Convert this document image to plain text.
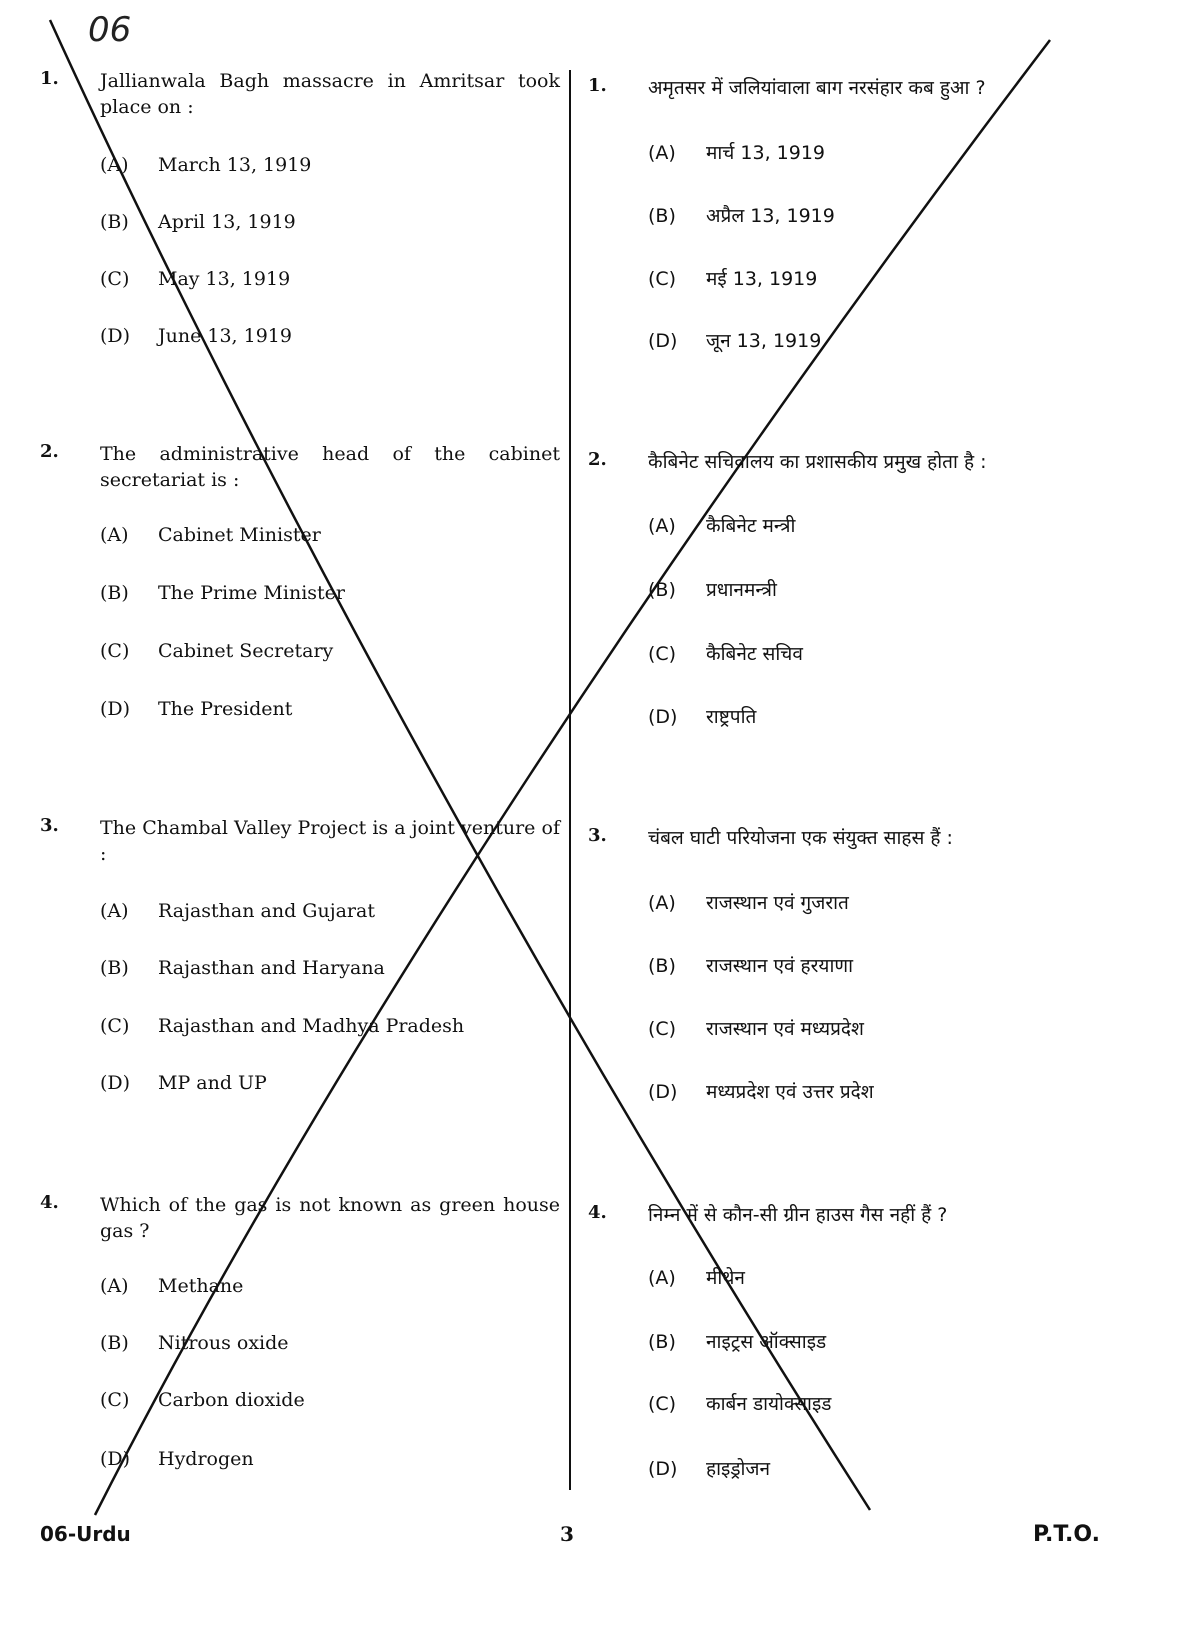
06
1. Jallianwala Bagh massacre in Amritsar took place on :
(A) March 13, 1919
(B) April 13, 1919
(C) May 13, 1919
(D) June 13, 1919
2. The administrative head of the cabinet secretariat is :
(A) Cabinet Minister
(B) The Prime Minister
(C) Cabinet Secretary
(D) The President
3. The Chambal Valley Project is a joint venture of :
(A) Rajasthan and Gujarat
(B) Rajasthan and Haryana
(C) Rajasthan and Madhya Pradesh
(D) MP and UP
4. Which of the gas is not known as green house gas ?
(A) Methane
(B) Nitrous oxide
(C) Carbon dioxide
(D) Hydrogen
1. अमृतसर में जलियांवाला बाग नरसंहार कब हुआ ?
(A) मार्च 13, 1919
(B) अप्रैल 13, 1919
(C) मई 13, 1919
(D) जून 13, 1919
2. कैबिनेट सचिवालय का प्रशासकीय प्रमुख होता है :
(A) कैबिनेट मन्त्री
(B) प्रधानमन्त्री
(C) कैबिनेट सचिव
(D) राष्ट्रपति
3. चंबल घाटी परियोजना एक संयुक्त साहस हैं :
(A) राजस्थान एवं गुजरात
(B) राजस्थान एवं हरयाणा
(C) राजस्थान एवं मध्यप्रदेश
(D) मध्यप्रदेश एवं उत्तर प्रदेश
4. निम्न में से कौन-सी ग्रीन हाउस गैस नहीं हैं ?
(A) मीथेन
(B) नाइट्रस ऑक्साइड
(C) कार्बन डायोक्साइड
(D) हाइड्रोजन
06-Urdu	3	P.T.O.
